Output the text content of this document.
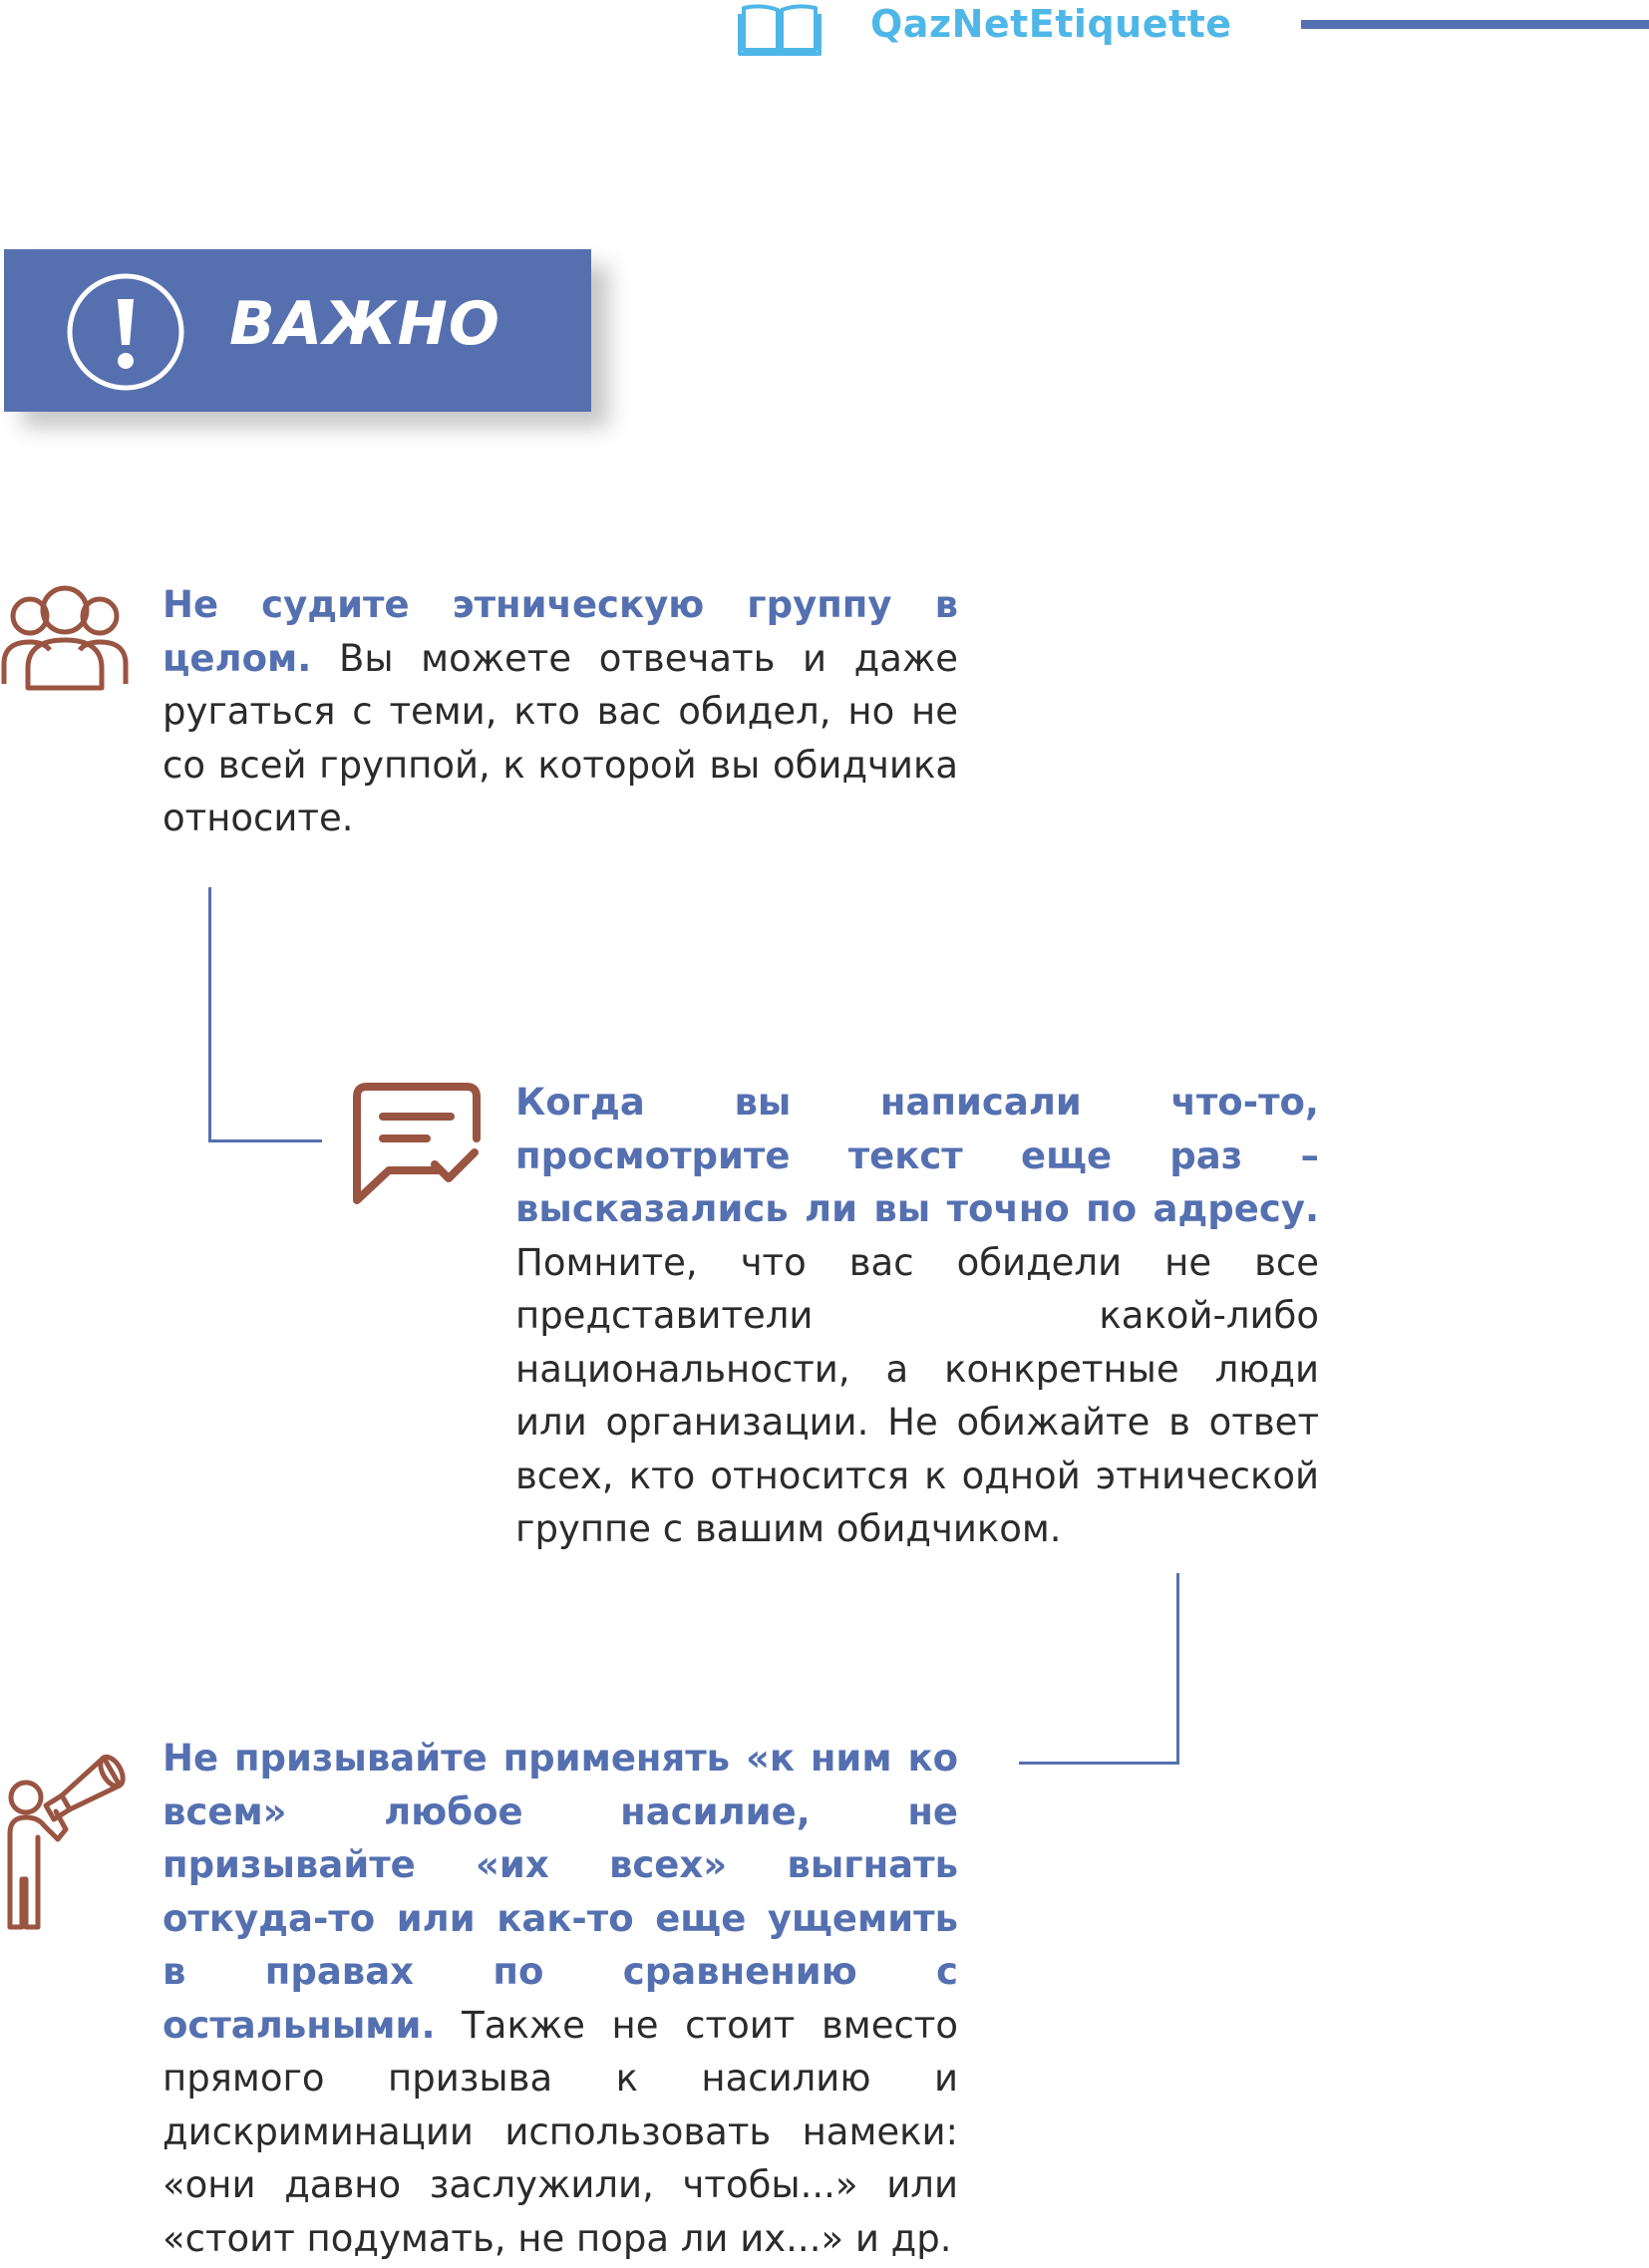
QazNetEtiquette
ВАЖНО
Не судите этническую группу в целом. Вы можете отвечать и даже ругаться с теми, кто вас обидел, но не со всей группой, к которой вы обидчика относите.
Когда вы написали что-то, просмотрите текст еще раз – высказались ли вы точно по адресу. Помните, что вас обидели не все представители какой-либо национальности, а конкретные люди или организации. Не обижайте в ответ всех, кто относится к одной этнической группе с вашим обидчиком.
Не призывайте применять «к ним ко всем» любое насилие, не призывайте «их всех» выгнать откуда-то или как-то еще ущемить в правах по сравнению с остальными. Также не стоит вместо прямого призыва к насилию и дискриминации использовать намеки: «они давно заслужили, чтобы...» или «стоит подумать, не пора ли их...» и др.
